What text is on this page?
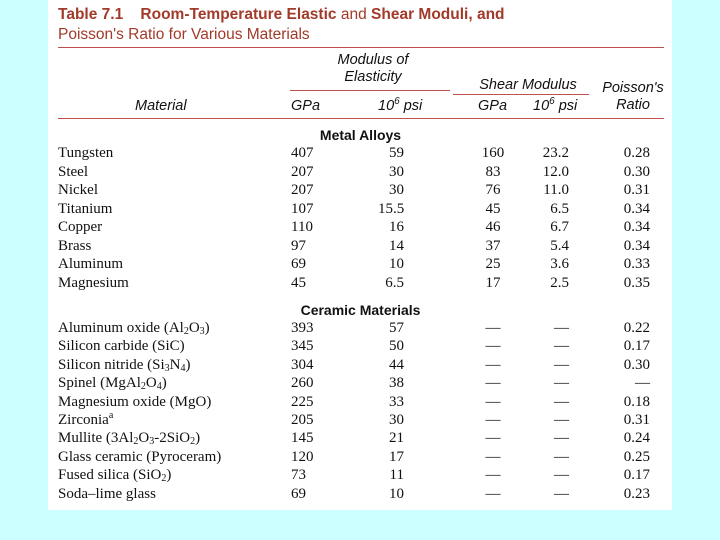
Table 7.1 Room-Temperature Elastic and Shear Moduli, and
Poisson's Ratio for Various Materials
Modulus of
Elasticity	Shear Modulus	Poisson's
Ratio
Material	GPa	$10^6$ psi	GPa $10^6$ psi
Metal Alloys
Tungsten	407	59	160	23.2	0.28
Steel	207	30	83	12.0	0.30
Nickel	207	30	76	11.0	0.31
Titanium	107	15.5	45	6.5	0.34
Copper	110	16	46	6.7	0.34
Brass	97	14	37	5.4	0.34
Aluminum	69	10	25	3.6	0.33
Magnesium	45	6.5	17	2.5	0.35
Ceramic Materials
Aluminum oxide $(Al_2O_3)$	393	57	—	—	0.22
Silicon carbide (SiC)	345	50	—	—	0.17
Silicon nitride $(Si_3N_4)$	304	44	—	—	0.30
Spinel $(MgAl_2O_4)$	260	38	—	—	—
Magnesium oxide (MgO)	225	33	—	—	0.18
Zirconia$^a$	205	30	—	—	0.31
Mullite $(3Al_2O_3-2SiO_2)$	145	21	—	—	0.24
Glass ceramic (Pyroceram)	120	17	—	—	0.25
Fused silica (SiO$_2$)	73	11	—	—	0.17
Soda–lime glass	69	10	—	—	0.23
